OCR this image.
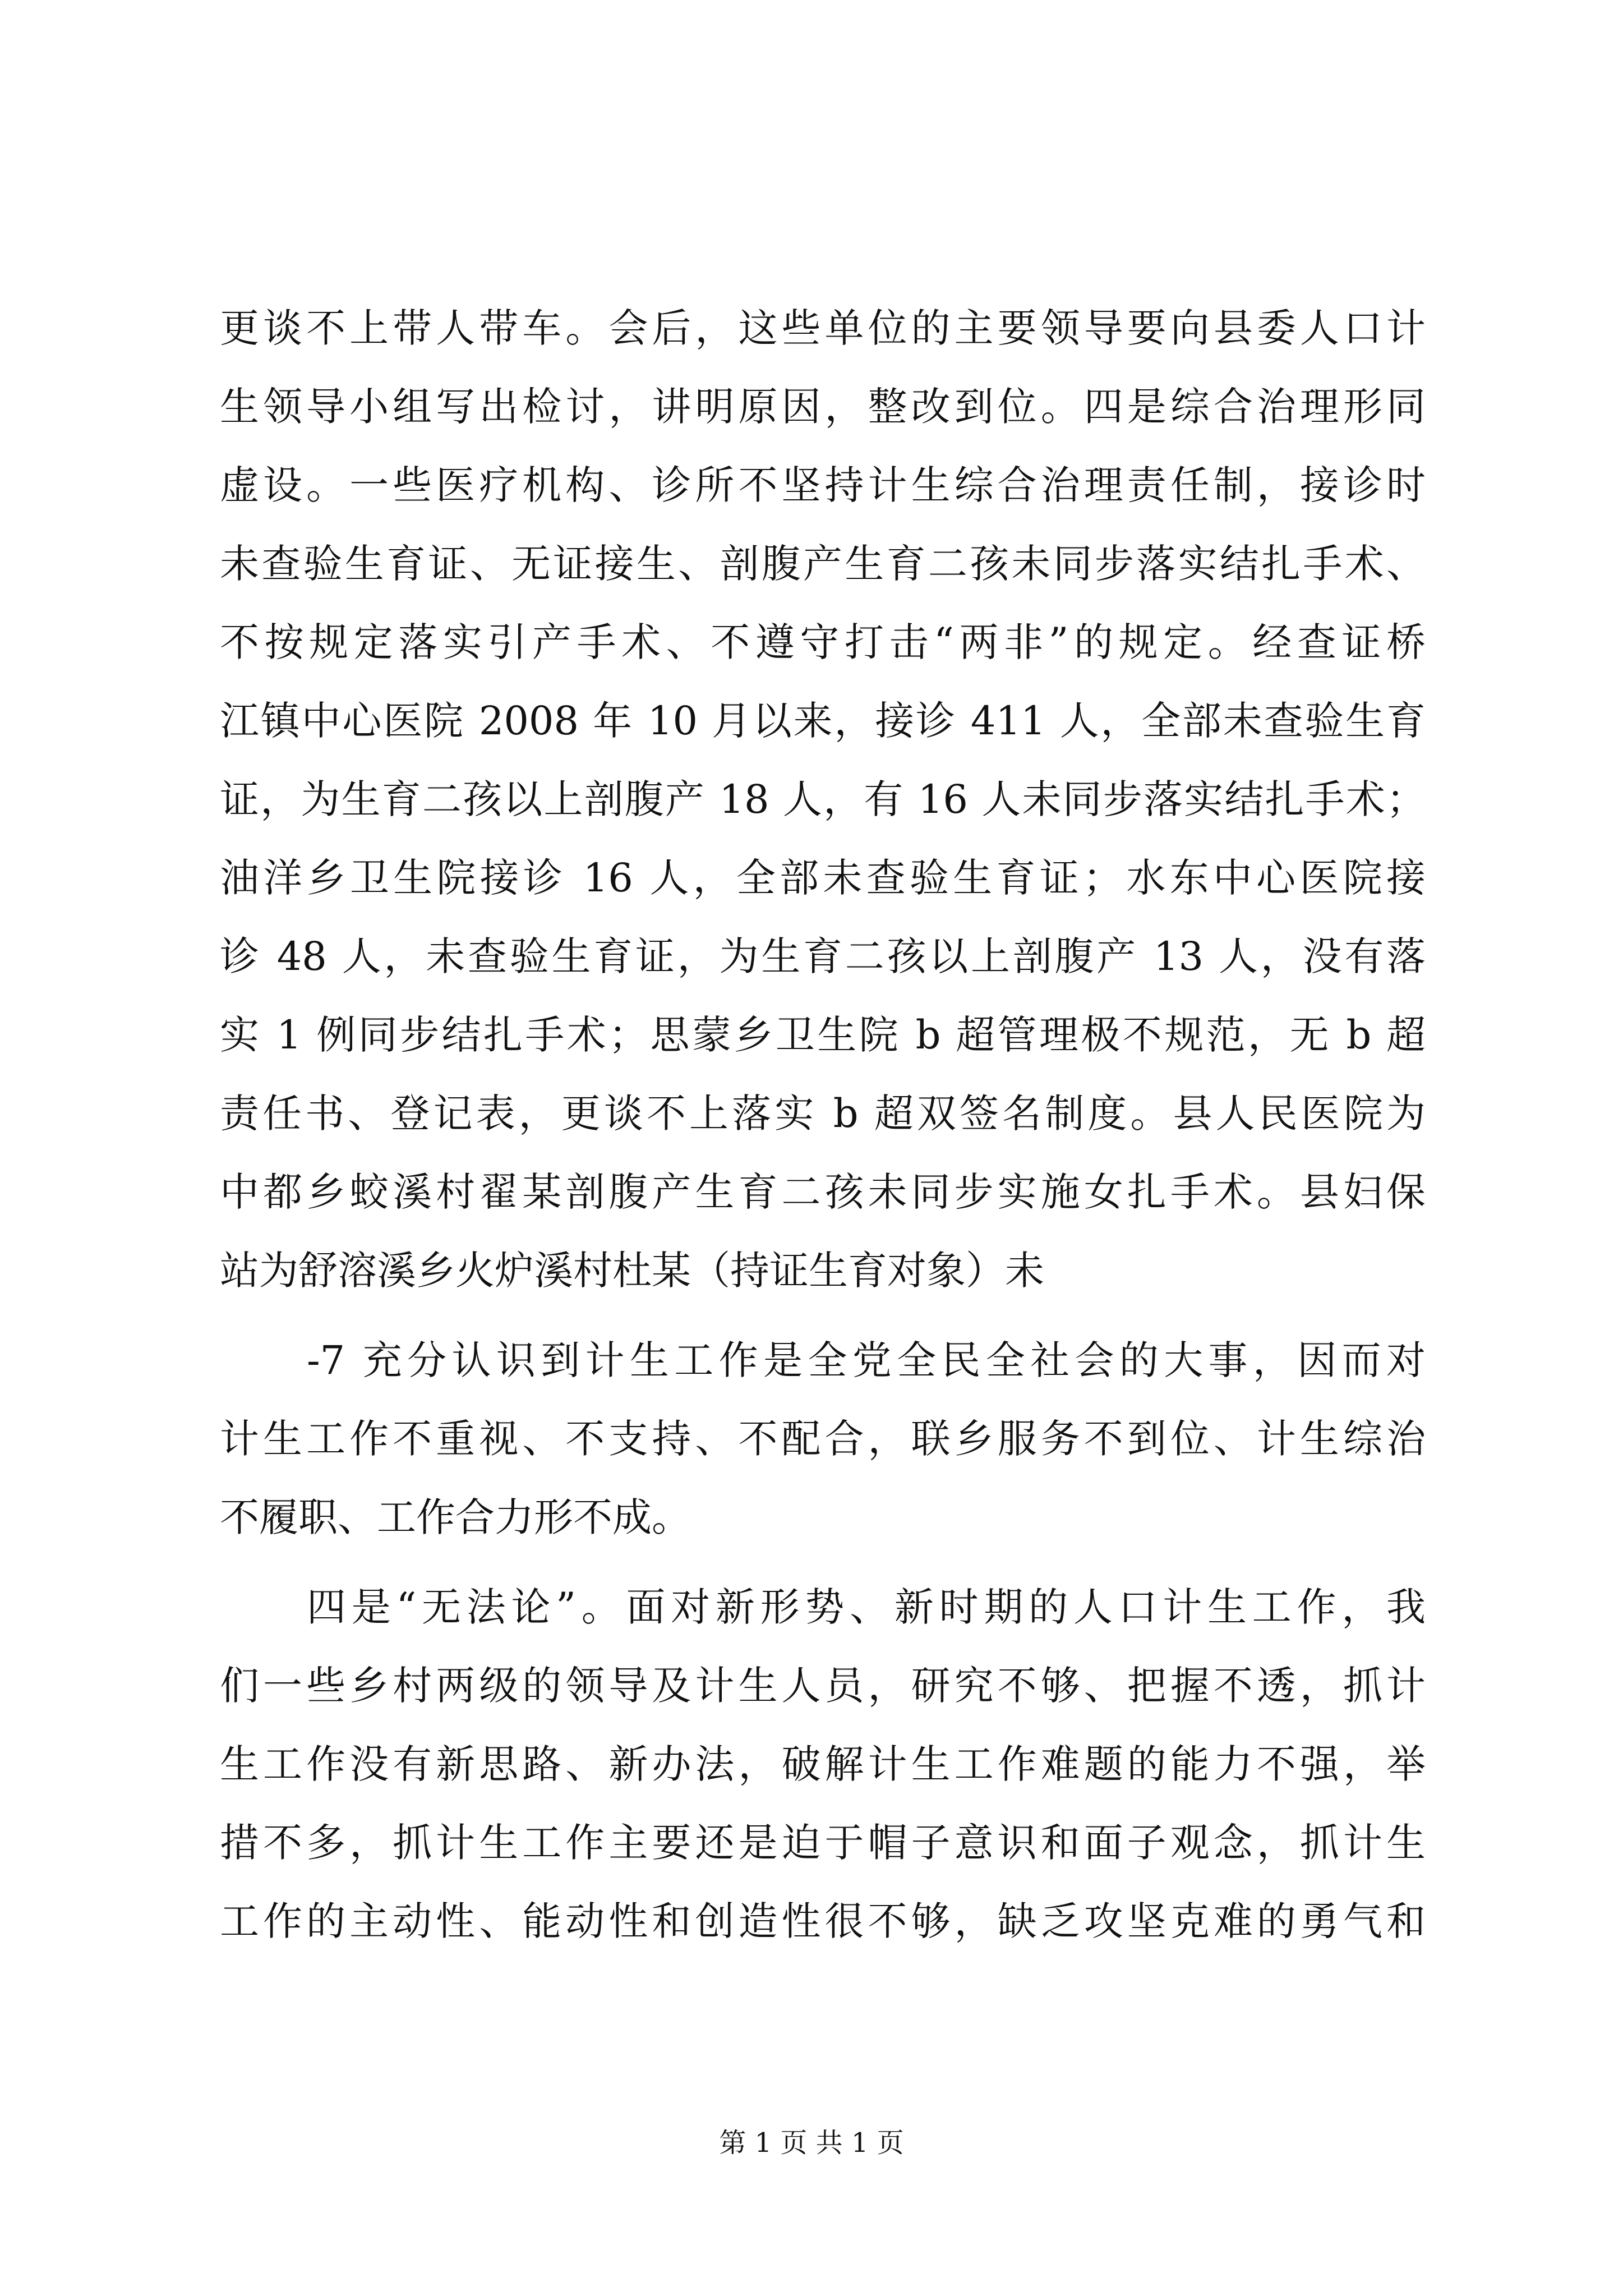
更谈不上带人带车。会后，这些单位的主要领导要向县委人口计
生领导小组写出检讨，讲明原因，整改到位。四是综合治理形同
虚设。一些医疗机构、诊所不坚持计生综合治理责任制，接诊时
未查验生育证、无证接生、剖腹产生育二孩未同步落实结扎手术、
不按规定落实引产手术、不遵守打击“两非”的规定。经查证桥
江镇中心医院 2008 年 10 月以来，接诊 411 人，全部未查验生育
证，为生育二孩以上剖腹产 18 人，有 16 人未同步落实结扎手术；
油洋乡卫生院接诊 16 人，全部未查验生育证；水东中心医院接
诊 48 人，未查验生育证，为生育二孩以上剖腹产 13 人，没有落
实 1 例同步结扎手术；思蒙乡卫生院 b 超管理极不规范，无 b 超
责任书、登记表，更谈不上落实 b 超双签名制度。县人民医院为
中都乡蛟溪村翟某剖腹产生育二孩未同步实施女扎手术。县妇保
站为舒溶溪乡火炉溪村杜某（持证生育对象）未
-7 充分认识到计生工作是全党全民全社会的大事，因而对
计生工作不重视、不支持、不配合，联乡服务不到位、计生综治
不履职、工作合力形不成。
四是“无法论”。面对新形势、新时期的人口计生工作，我
们一些乡村两级的领导及计生人员，研究不够、把握不透，抓计
生工作没有新思路、新办法，破解计生工作难题的能力不强，举
措不多，抓计生工作主要还是迫于帽子意识和面子观念，抓计生
工作的主动性、能动性和创造性很不够，缺乏攻坚克难的勇气和
第 1 页 共 1 页
